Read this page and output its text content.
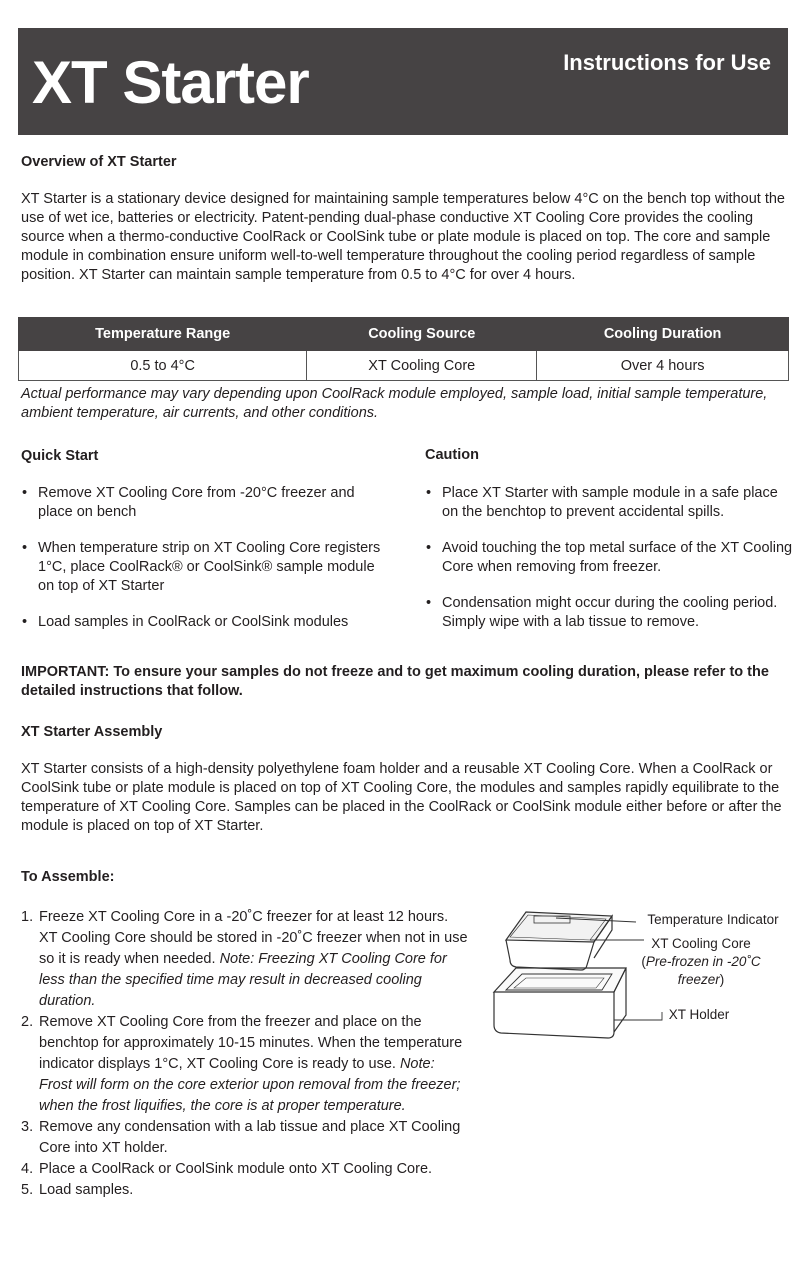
XT Starter	Instructions for Use
Overview of XT Starter
XT Starter is a stationary device designed for maintaining sample temperatures below 4°C on the bench top without the use of wet ice, batteries or electricity. Patent-pending dual-phase conductive XT Cooling Core provides the cooling source when a thermo-conductive CoolRack or CoolSink tube or plate module is placed on top. The core and sample module in combination ensure uniform well-to-well temperature throughout the cooling period regardless of sample position. XT Starter can maintain sample temperature from 0.5 to 4°C for over 4 hours.
Temperature Range	Cooling Source	Cooling Duration
0.5 to 4°C	XT Cooling Core	Over 4 hours
Actual performance may vary depending upon CoolRack module employed, sample load, initial sample temperature, ambient temperature, air currents, and other conditions.
Quick Start
• Remove XT Cooling Core from -20°C freezer and place on bench
• When temperature strip on XT Cooling Core registers 1°C, place CoolRack® or CoolSink® sample module on top of XT Starter
• Load samples in CoolRack or CoolSink modules
Caution
• Place XT Starter with sample module in a safe place on the benchtop to prevent accidental spills.
• Avoid touching the top metal surface of the XT Cooling Core when removing from freezer.
• Condensation might occur during the cooling period. Simply wipe with a lab tissue to remove.
IMPORTANT: To ensure your samples do not freeze and to get maximum cooling duration, please refer to the detailed instructions that follow.
XT Starter Assembly
XT Starter consists of a high-density polyethylene foam holder and a reusable XT Cooling Core. When a CoolRack or CoolSink tube or plate module is placed on top of XT Cooling Core, the modules and samples rapidly equilibrate to the temperature of XT Cooling Core. Samples can be placed in the CoolRack or CoolSink module either before or after the module is placed on top of XT Starter.
To Assemble:
1. Freeze XT Cooling Core in a -20˚C freezer for at least 12 hours. XT Cooling Core should be stored in -20˚C freezer when not in use so it is ready when needed. Note: Freezing XT Cooling Core for less than the specified time may result in decreased cooling duration.
2. Remove XT Cooling Core from the freezer and place on the benchtop for approximately 10-15 minutes. When the temperature indicator displays 1°C, XT Cooling Core is ready to use. Note: Frost will form on the core exterior upon removal from the freezer; when the frost liquifies, the core is at proper temperature.
3. Remove any condensation with a lab tissue and place XT Cooling Core into XT holder.
4. Place a CoolRack or CoolSink module onto XT Cooling Core.
5. Load samples.
Temperature Indicator
XT Cooling Core
(Pre-frozen in -20˚C freezer)
XT Holder
